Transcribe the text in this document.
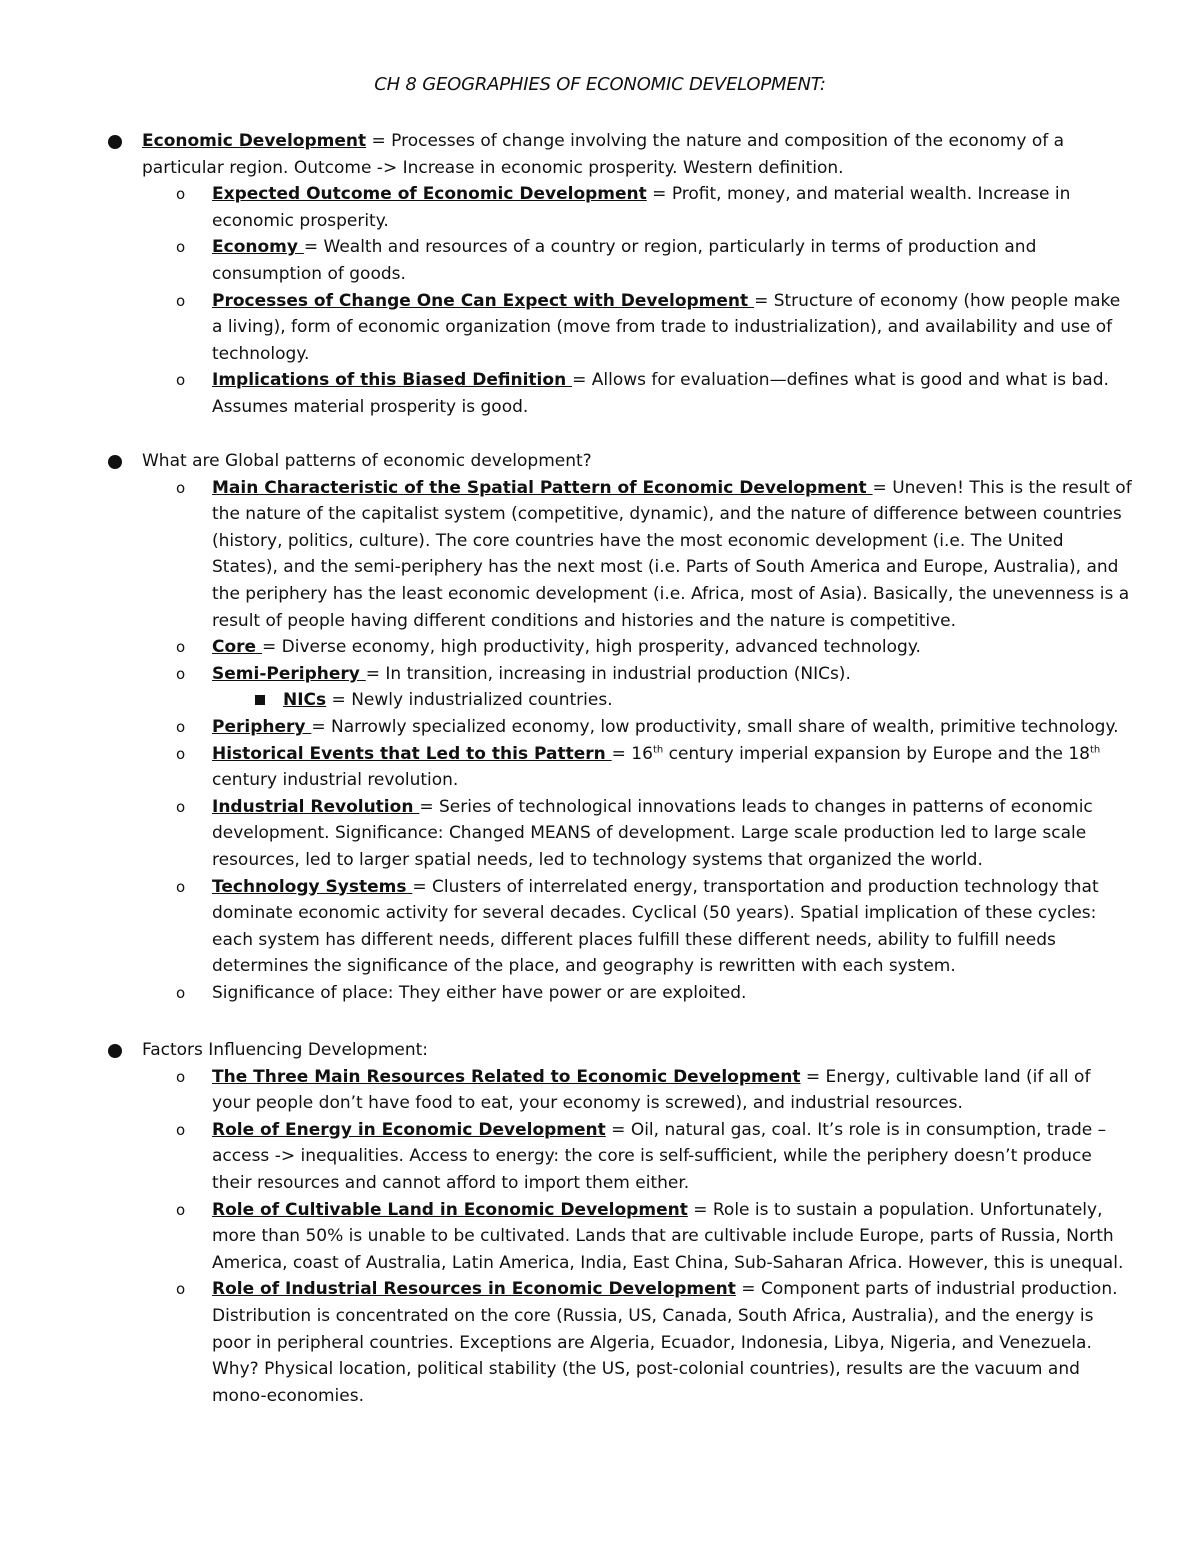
CH 8 GEOGRAPHIES OF ECONOMIC DEVELOPMENT:
Economic Development = Processes of change involving the nature and composition of the economy of a particular region. Outcome -> Increase in economic prosperity. Western definition.
o Expected Outcome of Economic Development = Profit, money, and material wealth. Increase in economic prosperity.
o Economy = Wealth and resources of a country or region, particularly in terms of production and consumption of goods.
o Processes of Change One Can Expect with Development = Structure of economy (how people make a living), form of economic organization (move from trade to industrialization), and availability and use of technology.
o Implications of this Biased Definition = Allows for evaluation—defines what is good and what is bad. Assumes material prosperity is good.
What are Global patterns of economic development?
o Main Characteristic of the Spatial Pattern of Economic Development = Uneven! This is the result of the nature of the capitalist system (competitive, dynamic), and the nature of difference between countries (history, politics, culture). The core countries have the most economic development (i.e. The United States), and the semi-periphery has the next most (i.e. Parts of South America and Europe, Australia), and the periphery has the least economic development (i.e. Africa, most of Asia). Basically, the unevenness is a result of people having different conditions and histories and the nature is competitive.
o Core = Diverse economy, high productivity, high prosperity, advanced technology.
o Semi-Periphery = In transition, increasing in industrial production (NICs).
NICs = Newly industrialized countries.
o Periphery = Narrowly specialized economy, low productivity, small share of wealth, primitive technology.
o Historical Events that Led to this Pattern = 16th century imperial expansion by Europe and the 18th century industrial revolution.
o Industrial Revolution = Series of technological innovations leads to changes in patterns of economic development. Significance: Changed MEANS of development. Large scale production led to large scale resources, led to larger spatial needs, led to technology systems that organized the world.
o Technology Systems = Clusters of interrelated energy, transportation and production technology that dominate economic activity for several decades. Cyclical (50 years). Spatial implication of these cycles: each system has different needs, different places fulfill these different needs, ability to fulfill needs determines the significance of the place, and geography is rewritten with each system.
o Significance of place: They either have power or are exploited.
Factors Influencing Development:
o The Three Main Resources Related to Economic Development = Energy, cultivable land (if all of your people don’t have food to eat, your economy is screwed), and industrial resources.
o Role of Energy in Economic Development = Oil, natural gas, coal. It’s role is in consumption, trade – access -> inequalities. Access to energy: the core is self-sufficient, while the periphery doesn’t produce their resources and cannot afford to import them either.
o Role of Cultivable Land in Economic Development = Role is to sustain a population. Unfortunately, more than 50% is unable to be cultivated. Lands that are cultivable include Europe, parts of Russia, North America, coast of Australia, Latin America, India, East China, Sub-Saharan Africa. However, this is unequal.
o Role of Industrial Resources in Economic Development = Component parts of industrial production. Distribution is concentrated on the core (Russia, US, Canada, South Africa, Australia), and the energy is poor in peripheral countries. Exceptions are Algeria, Ecuador, Indonesia, Libya, Nigeria, and Venezuela. Why? Physical location, political stability (the US, post-colonial countries), results are the vacuum and mono-economies.
